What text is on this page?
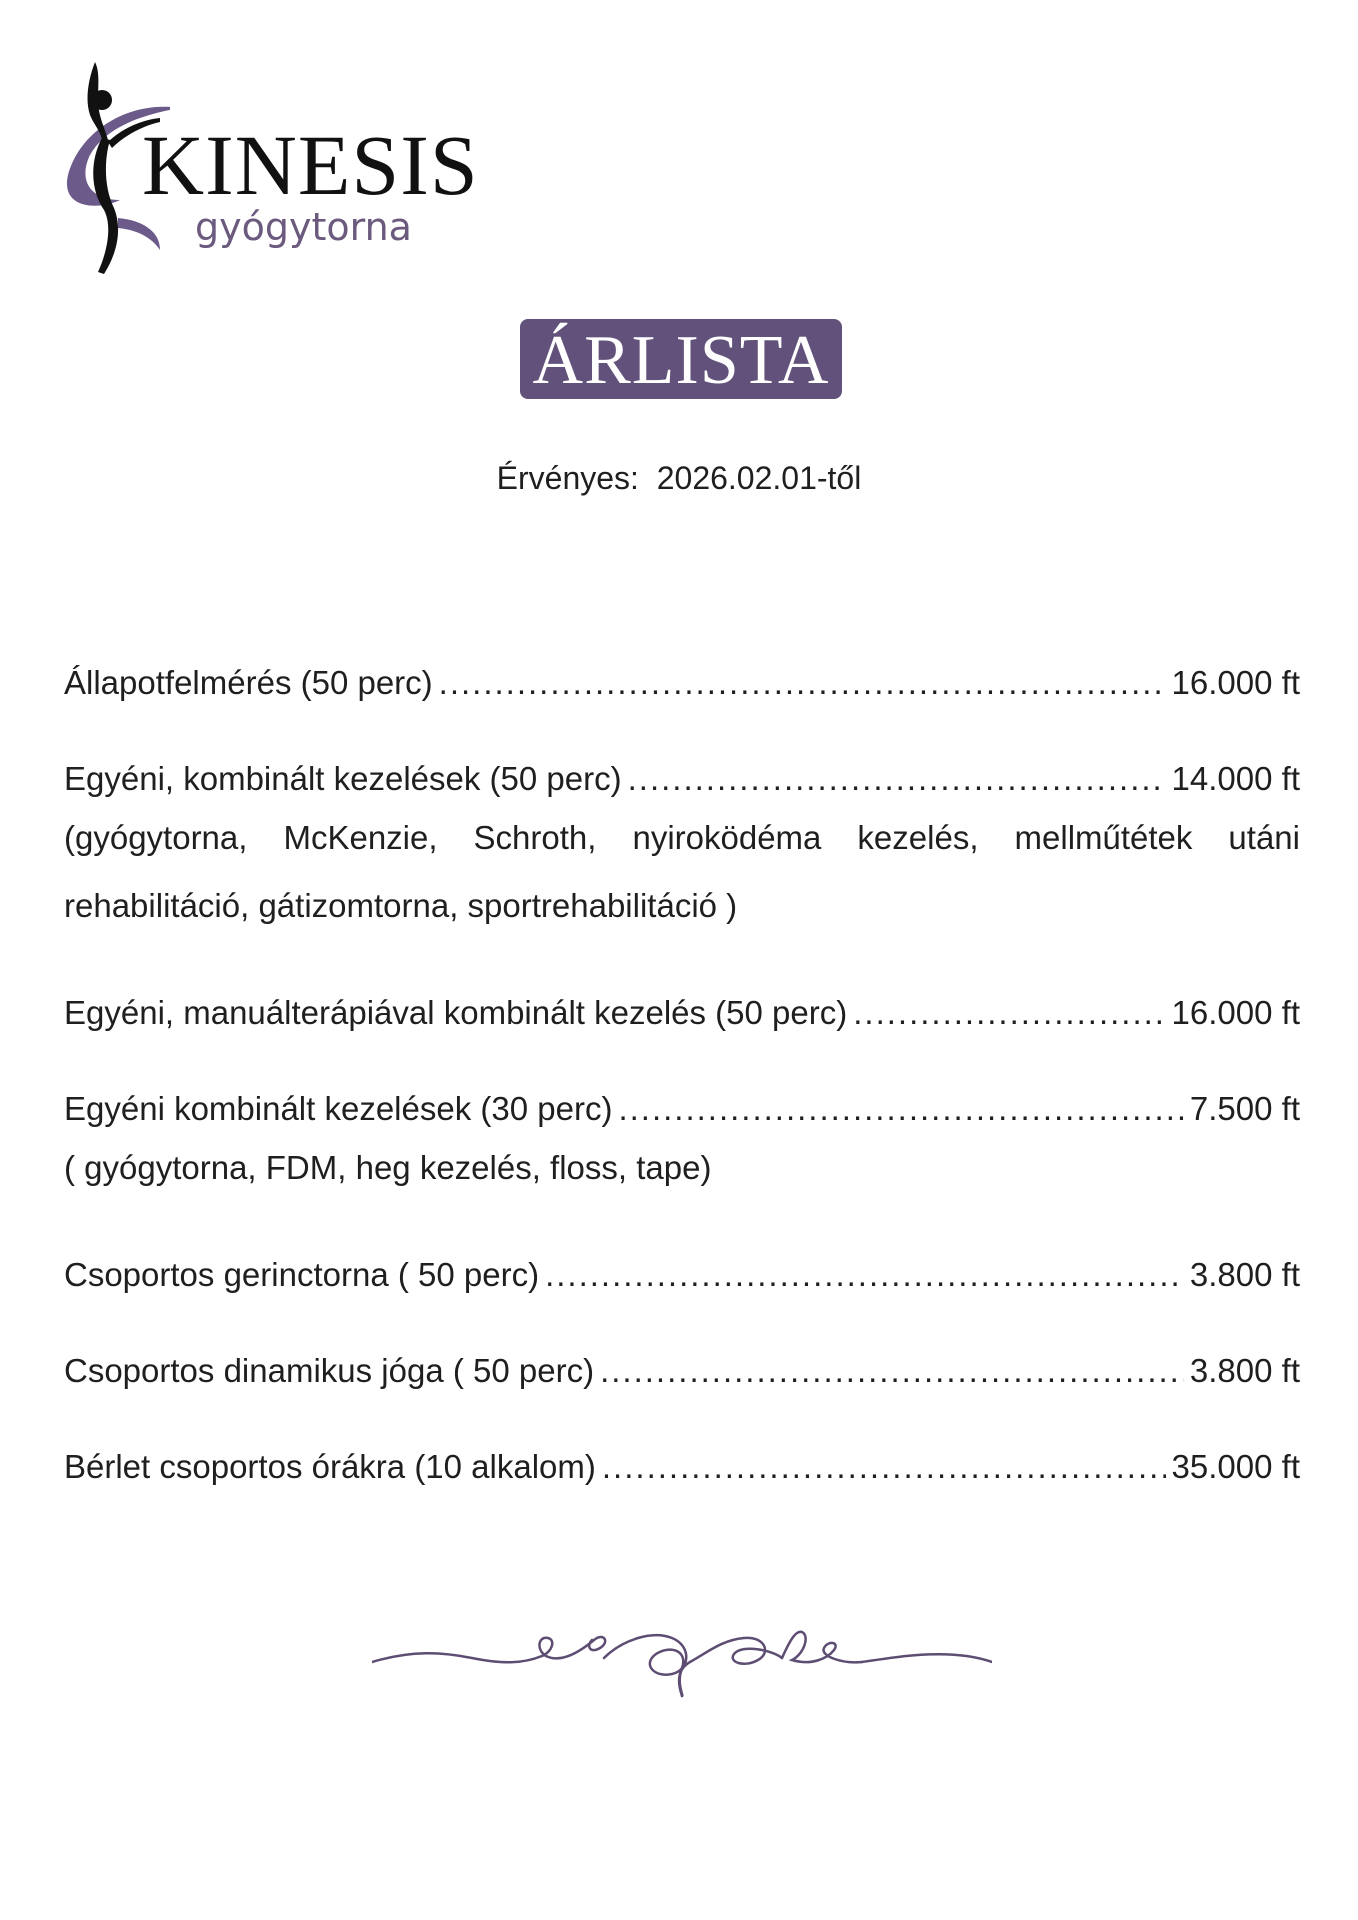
KINESIS
gyógytorna
ÁRLISTA
Érvényes: 2026.02.01-től
Állapotfelmérés (50 perc) .....	16.000 ft
Egyéni, kombinált kezelések (50 perc) .....	14.000 ft
(gyógytorna, McKenzie, Schroth, nyiroködéma kezelés, mellműtétek utáni rehabilitáció, gátizomtorna, sportrehabilitáció )
Egyéni, manuálterápiával kombinált kezelés (50 perc) .....	16.000 ft
Egyéni kombinált kezelések (30 perc) .....	7.500 ft
( gyógytorna, FDM, heg kezelés, floss, tape)
Csoportos gerinctorna ( 50 perc) .....	3.800 ft
Csoportos dinamikus jóga ( 50 perc) .....	3.800 ft
Bérlet csoportos órákra (10 alkalom) .....	35.000 ft
